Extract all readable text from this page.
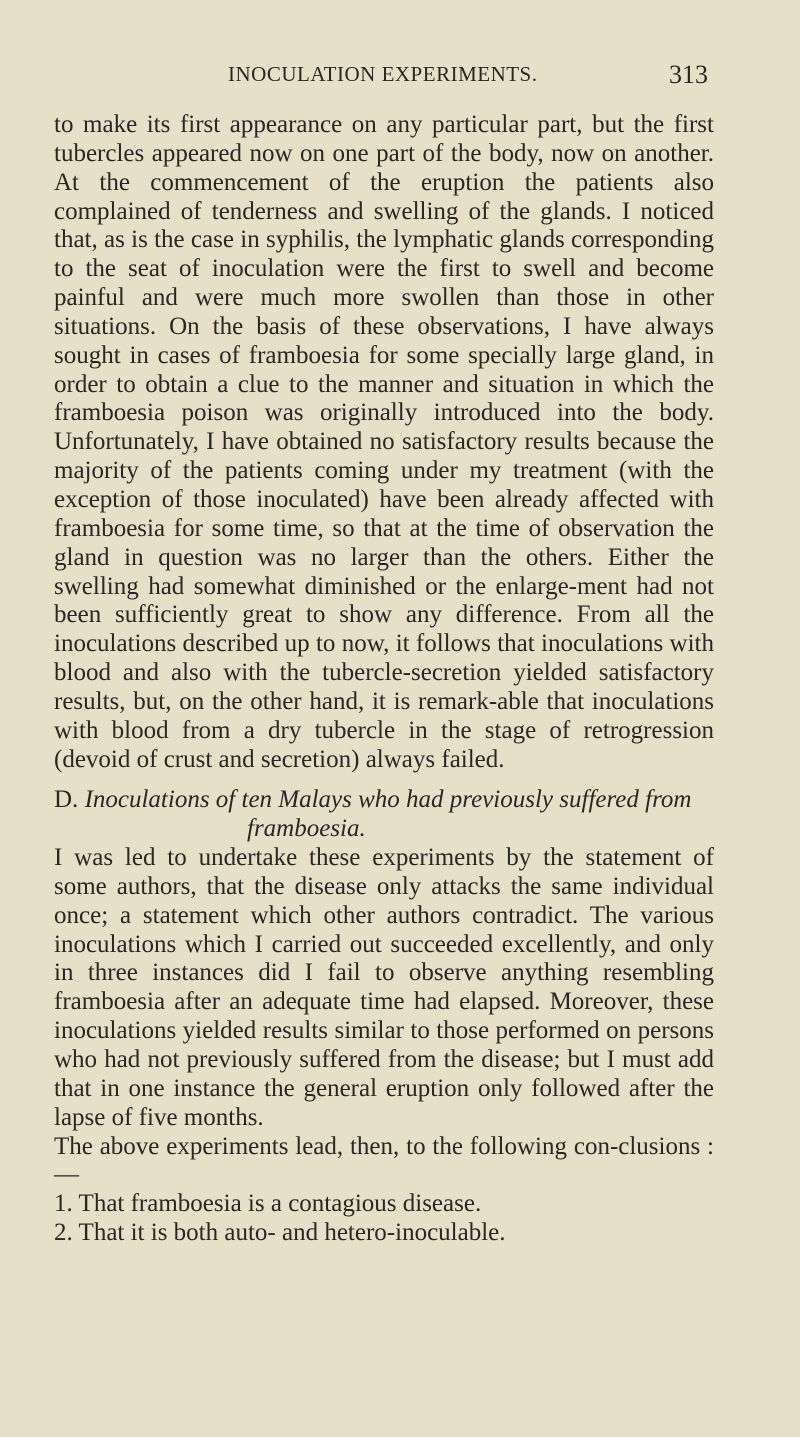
INOCULATION EXPERIMENTS.	313

to make its first appearance on any particular part, but the first tubercles appeared now on one part of the body, now on another. At the commencement of the eruption the patients also complained of tenderness and swelling of the glands. I noticed that, as is the case in syphilis, the lymphatic glands corresponding to the seat of inoculation were the first to swell and become painful and were much more swollen than those in other situations. On the basis of these observations, I have always sought in cases of framboesia for some specially large gland, in order to obtain a clue to the manner and situation in which the framboesia poison was originally introduced into the body. Unfortunately, I have obtained no satisfactory results because the majority of the patients coming under my treatment (with the exception of those inoculated) have been already affected with framboesia for some time, so that at the time of observation the gland in question was no larger than the others. Either the swelling had somewhat diminished or the enlarge-ment had not been sufficiently great to show any difference. From all the inoculations described up to now, it follows that inoculations with blood and also with the tubercle-secretion yielded satisfactory results, but, on the other hand, it is remark-able that inoculations with blood from a dry tubercle in the stage of retrogression (devoid of crust and secretion) always failed.

D. Inoculations of ten Malays who had previously suffered from
framboesia.

I was led to undertake these experiments by the statement of some authors, that the disease only attacks the same individual once; a statement which other authors contradict. The various inoculations which I carried out succeeded excellently, and only in three instances did I fail to observe anything resembling framboesia after an adequate time had elapsed. Moreover, these inoculations yielded results similar to those performed on persons who had not previously suffered from the disease; but I must add that in one instance the general eruption only followed after the lapse of five months.

The above experiments lead, then, to the following con-clusions :—

1. That framboesia is a contagious disease.

2. That it is both auto- and hetero-inoculable.
